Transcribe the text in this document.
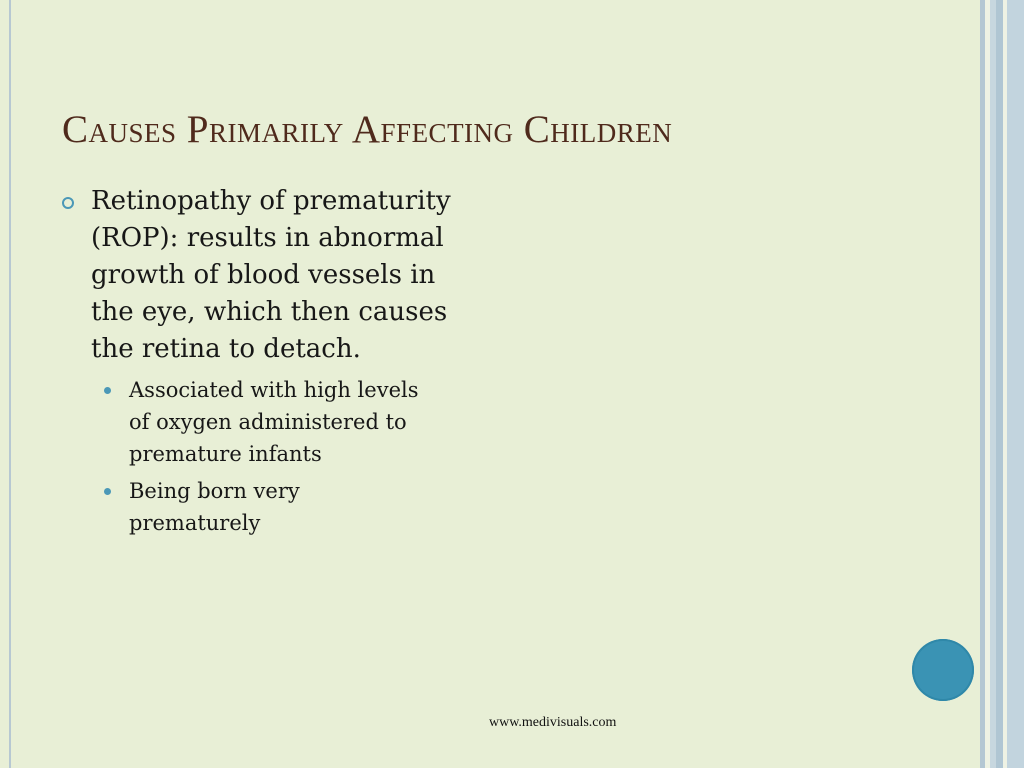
Causes Primarily Affecting Children
Retinopathy of prematurity (ROP): results in abnormal growth of blood vessels in the eye, which then causes the retina to detach.
Associated with high levels of oxygen administered to premature infants
Being born very prematurely
www.medivisuals.com
